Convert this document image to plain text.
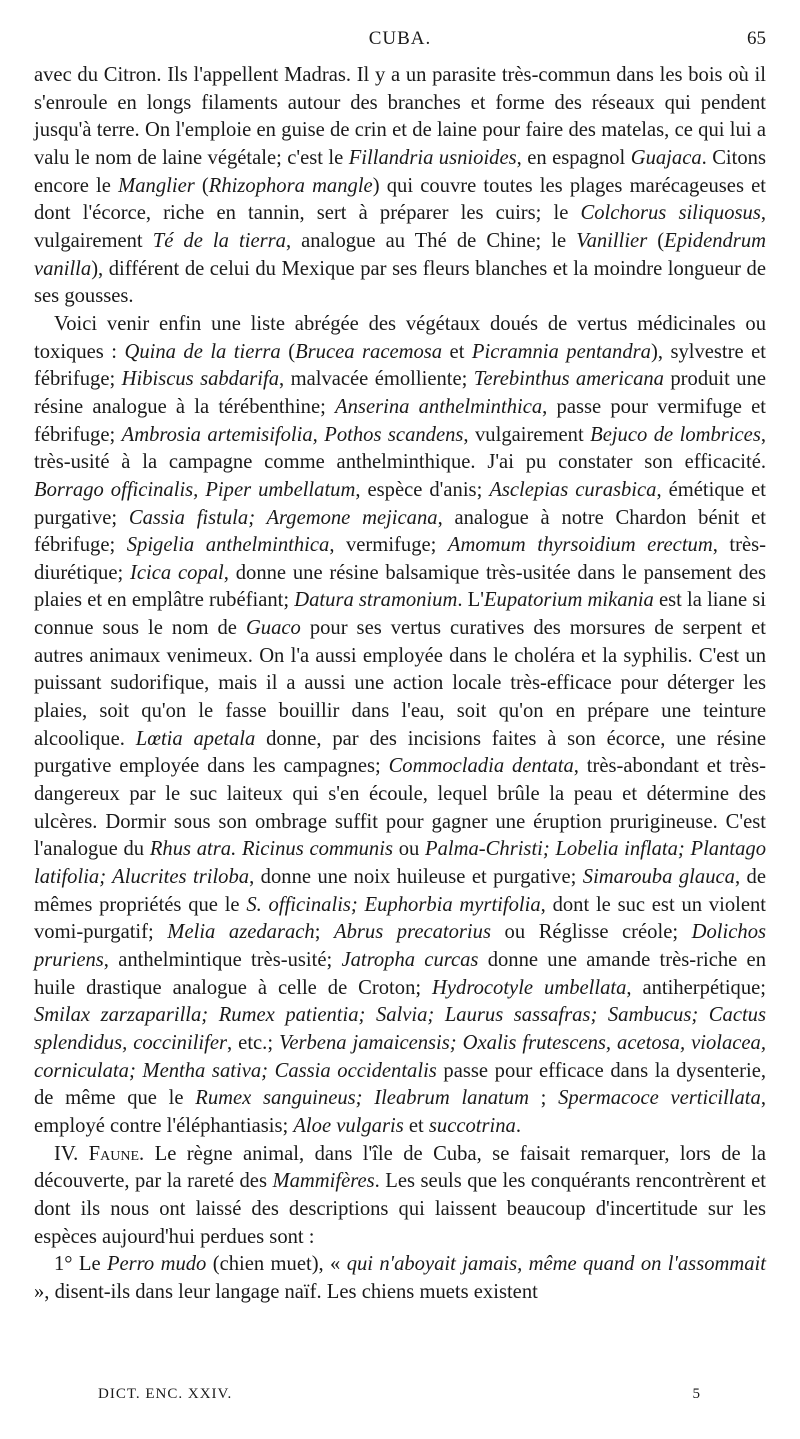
CUBA.	65

avec du Citron. Ils l'appellent Madras. Il y a un parasite très-commun dans les bois où il s'enroule en longs filaments autour des branches et forme des réseaux qui pendent jusqu'à terre. On l'emploie en guise de crin et de laine pour faire des matelas, ce qui lui a valu le nom de laine végétale; c'est le Fillandria usnioides, en espagnol Guajaca. Citons encore le Manglier (Rhizophora mangle) qui couvre toutes les plages marécageuses et dont l'écorce, riche en tannin, sert à préparer les cuirs; le Colchorus siliquosus, vulgairement Té de la tierra, analogue au Thé de Chine; le Vanillier (Epidendrum vanilla), différent de celui du Mexique par ses fleurs blanches et la moindre longueur de ses gousses.

Voici venir enfin une liste abrégée des végétaux doués de vertus médicinales ou toxiques : Quina de la tierra (Brucea racemosa et Picramnia pentandra), sylvestre et fébrifuge; Hibiscus sabdarifa, malvacée émolliente; Terebinthus americana produit une résine analogue à la térébenthine; Anserina anthelminthica, passe pour vermifuge et fébrifuge; Ambrosia artemisifolia, Pothos scandens, vulgairement Bejuco de lombrices, très-usité à la campagne comme anthelminthique. J'ai pu constater son efficacité. Borrago officinalis, Piper umbellatum, espèce d'anis; Asclepias curasbica, émétique et purgative; Cassia fistula; Argemone mejicana, analogue à notre Chardon bénit et fébrifuge; Spigelia anthelminthica, vermifuge; Amomum thyrsoidium erectum, très-diurétique; Icica copal, donne une résine balsamique très-usitée dans le pansement des plaies et en emplâtre rubéfiant; Datura stramonium. L'Eupatorium mikania est la liane si connue sous le nom de Guaco pour ses vertus curatives des morsures de serpent et autres animaux venimeux. On l'a aussi employée dans le choléra et la syphilis. C'est un puissant sudorifique, mais il a aussi une action locale très-efficace pour déterger les plaies, soit qu'on le fasse bouillir dans l'eau, soit qu'on en prépare une teinture alcoolique. Lœtia apetala donne, par des incisions faites à son écorce, une résine purgative employée dans les campagnes; Commocladia dentata, très-abondant et très-dangereux par le suc laiteux qui s'en écoule, lequel brûle la peau et détermine des ulcères. Dormir sous son ombrage suffit pour gagner une éruption prurigineuse. C'est l'analogue du Rhus atra. Ricinus communis ou Palma-Christi; Lobelia inflata; Plantago latifolia; Alucrites triloba, donne une noix huileuse et purgative; Simarouba glauca, de mêmes propriétés que le S. officinalis; Euphorbia myrtifolia, dont le suc est un violent vomi-purgatif; Melia azedarach; Abrus precatorius ou Réglisse créole; Dolichos pruriens, anthelmintique très-usité; Jatropha curcas donne une amande très-riche en huile drastique analogue à celle de Croton; Hydrocotyle umbellata, antiherpétique; Smilax zarzaparilla; Rumex patientia; Salvia; Laurus sassafras; Sambucus; Cactus splendidus, coccinilifer, etc.; Verbena jamaicensis; Oxalis frutescens, acetosa, violacea, corniculata; Mentha sativa; Cassia occidentalis passe pour efficace dans la dysenterie, de même que le Rumex sanguineus; Ileabrum lanatum ; Spermacoce verticillata, employé contre l'éléphantiasis; Aloe vulgaris et succotrina.

IV. Faune. Le règne animal, dans l'île de Cuba, se faisait remarquer, lors de la découverte, par la rareté des Mammifères. Les seuls que les conquérants rencontrèrent et dont ils nous ont laissé des descriptions qui laissent beaucoup d'incertitude sur les espèces aujourd'hui perdues sont :

1° Le Perro mudo (chien muet), « qui n'aboyait jamais, même quand on l'assommait », disent-ils dans leur langage naïf. Les chiens muets existent

DICT. ENC. XXIV.	5
